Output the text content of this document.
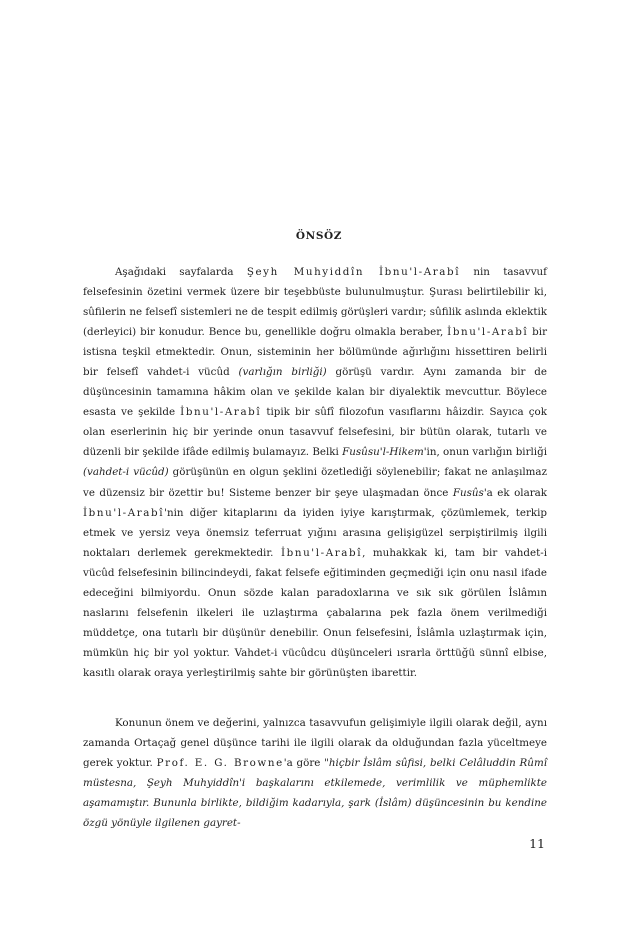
ÖNSÖZ

Aşağıdaki sayfalarda Şeyh Muhyiddîn İbnu'l-Arabî nin tasavvuf felsefesinin özetini vermek üzere bir teşebbüste bulunulmuştur. Şurası belirtilebilir ki, sûfilerin ne felsefî sistemleri ne de tespit edilmiş görüşleri vardır; sûfilik aslında eklektik (derleyici) bir konudur. Bence bu, genellikle doğru olmakla beraber, İbnu'l-Arabî bir istisna teşkil etmektedir. Onun, sisteminin her bölümünde ağırlığını hissettiren belirli bir felsefî vahdet-i vücûd (varlığın birliği) görüşü vardır. Aynı zamanda bir de düşüncesinin tamamına hâkim olan ve şekilde kalan bir diyalektik mevcuttur. Böylece esasta ve şekilde İbnu'l-Arabî tipik bir sûfî filozofun vasıflarını hâizdir. Sayıca çok olan eserlerinin hiç bir yerinde onun tasavvuf felsefesini, bir bütün olarak, tutarlı ve düzenli bir şekilde ifâde edilmiş bulamayız. Belki Fusûsu'l-Hikem'in, onun varlığın birliği (vahdet-i vücûd) görüşünün en olgun şeklini özetlediği söylenebilir; fakat ne anlaşılmaz ve düzensiz bir özettir bu! Sisteme benzer bir şeye ulaşmadan önce Fusûs'a ek olarak İbnu'l-Arabî'nin diğer kitaplarını da iyiden iyiye karıştırmak, çözümlemek, terkip etmek ve yersiz veya önemsiz teferruat yığını arasına gelişigüzel serpiştirilmiş ilgili noktaları derlemek gerekmektedir. İbnu'l-Arabî, muhakkak ki, tam bir vahdet-i vücûd felsefesinin bilincindeydi, fakat felsefe eğitiminden geçmediği için onu nasıl ifade edeceğini bilmiyordu. Onun sözde kalan paradoxlarına ve sık sık görülen İslâmın naslarını felsefenin ilkeleri ile uzlaştırma çabalarına pek fazla önem verilmediği müddetçe, ona tutarlı bir düşünür denebilir. Onun felsefesini, İslâmla uzlaştırmak için, mümkün hiç bir yol yoktur. Vahdet-i vücûdcu düşünceleri ısrarla örttüğü sünnî elbise, kasıtlı olarak oraya yerleştirilmiş sahte bir görünüşten ibarettir.

Konunun önem ve değerini, yalnızca tasavvufun gelişimiyle ilgili olarak değil, aynı zamanda Ortaçağ genel düşünce tarihi ile ilgili olarak da olduğundan fazla yüceltmeye gerek yoktur. Prof. E. G. Browne'a göre "hiçbir İslâm sûfisi, belki Celâluddin Rûmî müstesna, Şeyh Muhyiddîn'i başkalarını etkilemede, verimlilik ve müphemlikte aşamamıştır. Bununla birlikte, bildiğim kadarıyla, şark (İslâm) düşüncesinin bu kendine özgü yönüyle ilgilenen gayret-

11
